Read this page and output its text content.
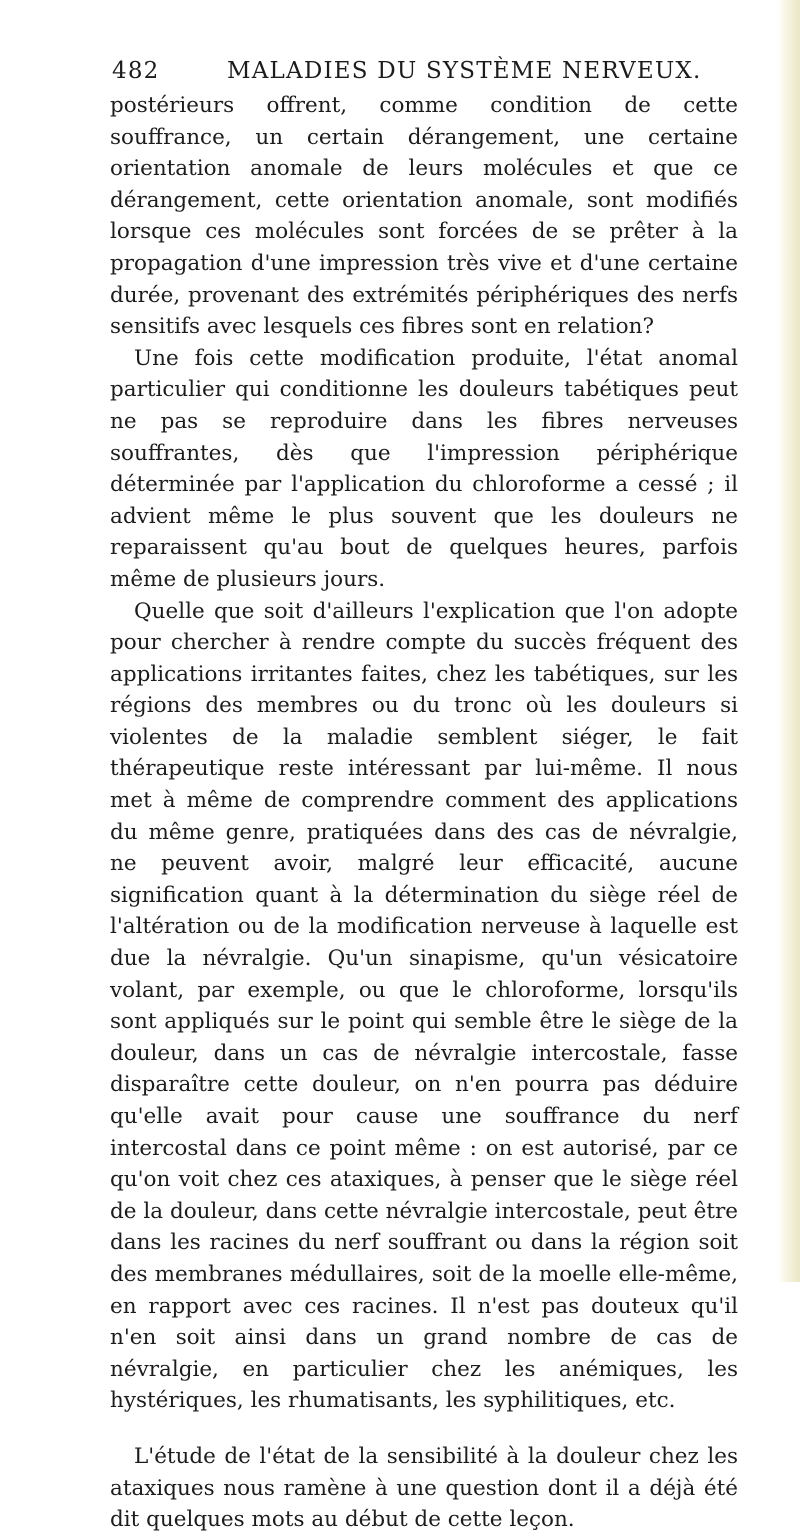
482	MALADIES DU SYSTÈME NERVEUX.

postérieurs offrent, comme condition de cette souffrance, un certain dérangement, une certaine orientation anomale de leurs molécules et que ce dérangement, cette orientation anomale, sont modifiés lorsque ces molécules sont forcées de se prêter à la propagation d'une impression très vive et d'une certaine durée, provenant des extrémités périphériques des nerfs sensitifs avec lesquels ces fibres sont en relation?

Une fois cette modification produite, l'état anomal particulier qui conditionne les douleurs tabétiques peut ne pas se reproduire dans les fibres nerveuses souffrantes, dès que l'impression périphérique déterminée par l'application du chloroforme a cessé ; il advient même le plus souvent que les douleurs ne reparaissent qu'au bout de quelques heures, parfois même de plusieurs jours.

Quelle que soit d'ailleurs l'explication que l'on adopte pour chercher à rendre compte du succès fréquent des applications irritantes faites, chez les tabétiques, sur les régions des membres ou du tronc où les douleurs si violentes de la maladie semblent siéger, le fait thérapeutique reste intéressant par lui-même. Il nous met à même de comprendre comment des applications du même genre, pratiquées dans des cas de névralgie, ne peuvent avoir, malgré leur efficacité, aucune signification quant à la détermination du siège réel de l'altération ou de la modification nerveuse à laquelle est due la névralgie. Qu'un sinapisme, qu'un vésicatoire volant, par exemple, ou que le chloroforme, lorsqu'ils sont appliqués sur le point qui semble être le siège de la douleur, dans un cas de névralgie intercostale, fasse disparaître cette douleur, on n'en pourra pas déduire qu'elle avait pour cause une souffrance du nerf intercostal dans ce point même : on est autorisé, par ce qu'on voit chez ces ataxiques, à penser que le siège réel de la douleur, dans cette névralgie intercostale, peut être dans les racines du nerf souffrant ou dans la région soit des membranes médullaires, soit de la moelle elle-même, en rapport avec ces racines. Il n'est pas douteux qu'il n'en soit ainsi dans un grand nombre de cas de névralgie, en particulier chez les anémiques, les hystériques, les rhumatisants, les syphilitiques, etc.

L'étude de l'état de la sensibilité à la douleur chez les ataxiques nous ramène à une question dont il a déjà été dit quelques mots au début de cette leçon.
